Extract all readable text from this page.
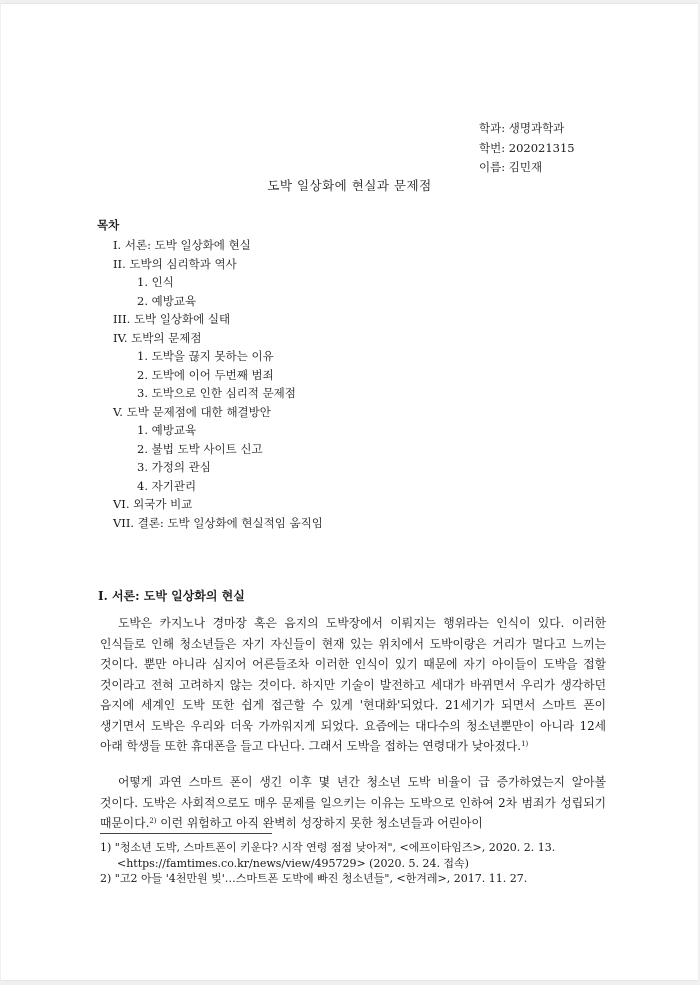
학과: 생명과학과
학번: 202021315
이름: 김민재
도박 일상화에 현실과 문제점
목차
I. 서론: 도박 일상화에 현실
II. 도박의 심리학과 역사
1. 인식
2. 예방교육
III. 도박 일상화에 실태
IV. 도박의 문제점
1. 도박을 끊지 못하는 이유
2. 도박에 이어 두번째 범죄
3. 도박으로 인한 심리적 문제점
V. 도박 문제점에 대한 해결방안
1. 예방교육
2. 불법 도박 사이트 신고
3. 가정의 관심
4. 자기관리
VI. 외국가 비교
VII. 결론: 도박 일상화에 현실적임 움직임
I. 서론: 도박 일상화의 현실
도박은 카지노나 경마장 혹은 음지의 도박장에서 이뤄지는 행위라는 인식이 있다. 이러한 인식들로 인해 청소년들은 자기 자신들이 현재 있는 위치에서 도박이랑은 거리가 멀다고 느끼는 것이다. 뿐만 아니라 심지어 어른들조차 이러한 인식이 있기 때문에 자기 아이들이 도박을 접할 것이라고 전혀 고려하지 않는 것이다. 하지만 기술이 발전하고 세대가 바뀌면서 우리가 생각하던 음지에 세계인 도박 또한 쉽게 접근할 수 있게 '현대화'되었다. 21세기가 되면서 스마트 폰이 생기면서 도박은 우리와 더욱 가까워지게 되었다. 요즘에는 대다수의 청소년뿐만이 아니라 12세 아래 학생들 또한 휴대폰을 들고 다닌다. 그래서 도박을 접하는 연령대가 낮아졌다.$^{1)}$
어떻게 과연 스마트 폰이 생긴 이후 몇 년간 청소년 도박 비율이 급 증가하였는지 알아볼 것이다. 도박은 사회적으로도 매우 문제를 일으키는 이유는 도박으로 인하여 2차 범죄가 성립되기 때문이다.$^{2)}$ 이런 위험하고 아직 완벽히 성장하지 못한 청소년들과 어린아이
1) "청소년 도박, 스마트폰이 키운다? 시작 연령 점점 낮아져", <에프이타임즈>, 2020. 2. 13.
<https://famtimes.co.kr/news/view/495729> (2020. 5. 24. 접속)
2) "고2 아들 '4천만원 빚'…스마트폰 도박에 빠진 청소년들", <한겨레>, 2017. 11. 27.
